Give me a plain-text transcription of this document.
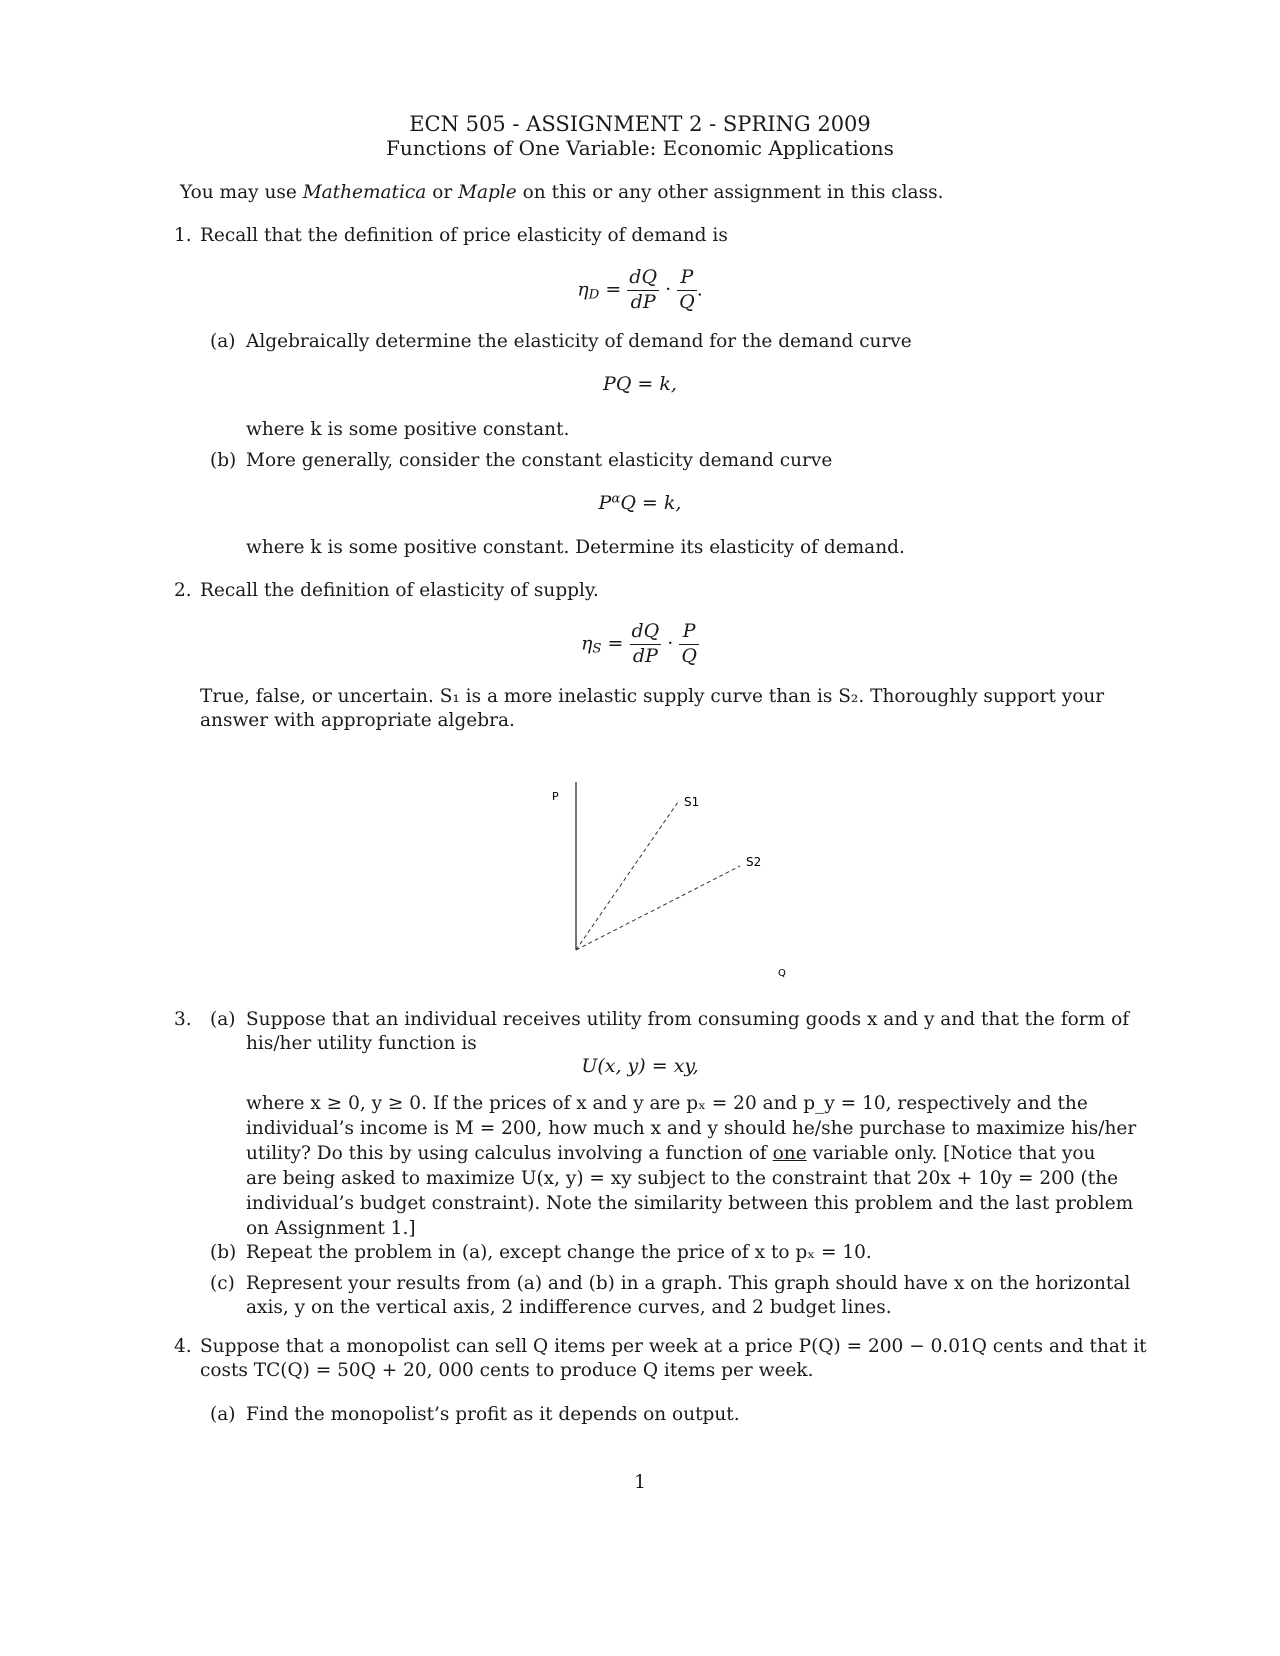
ECN 505 - ASSIGNMENT 2 - SPRING 2009
Functions of One Variable: Economic Applications
You may use Mathematica or Maple on this or any other assignment in this class.
1. Recall that the definition of price elasticity of demand is
$\eta_D = \frac{dQ}{dP} \cdot \frac{P}{Q}$ .
(a) Algebraically determine the elasticity of demand for the demand curve
PQ = k,
where k is some positive constant.
(b) More generally, consider the constant elasticity demand curve
$P^\alpha Q = k$,
where k is some positive constant. Determine its elasticity of demand.
2. Recall the definition of elasticity of supply.
$\eta_S = \frac{dQ}{dP} \cdot \frac{P}{Q}$
True, false, or uncertain. S₁ is a more inelastic supply curve than is S₂. Thoroughly support your
answer with appropriate algebra.
P	S1
S2
Q
3. (a) Suppose that an individual receives utility from consuming goods x and y and that the form of
his/her utility function is
U(x, y) = xy,
where x ≥ 0, y ≥ 0. If the prices of x and y are pₓ = 20 and p_y = 10, respectively and the
individual’s income is M = 200, how much x and y should he/she purchase to maximize his/her
utility? Do this by using calculus involving a function of one variable only. [Notice that you
are being asked to maximize U(x, y) = xy subject to the constraint that 20x + 10y = 200 (the
individual’s budget constraint). Note the similarity between this problem and the last problem
on Assignment 1.]
(b) Repeat the problem in (a), except change the price of x to pₓ = 10.
(c) Represent your results from (a) and (b) in a graph. This graph should have x on the horizontal
axis, y on the vertical axis, 2 indifference curves, and 2 budget lines.
4. Suppose that a monopolist can sell Q items per week at a price P(Q) = 200 − 0.01Q cents and that it
costs TC(Q) = 50Q + 20, 000 cents to produce Q items per week.
(a) Find the monopolist’s profit as it depends on output.
1
